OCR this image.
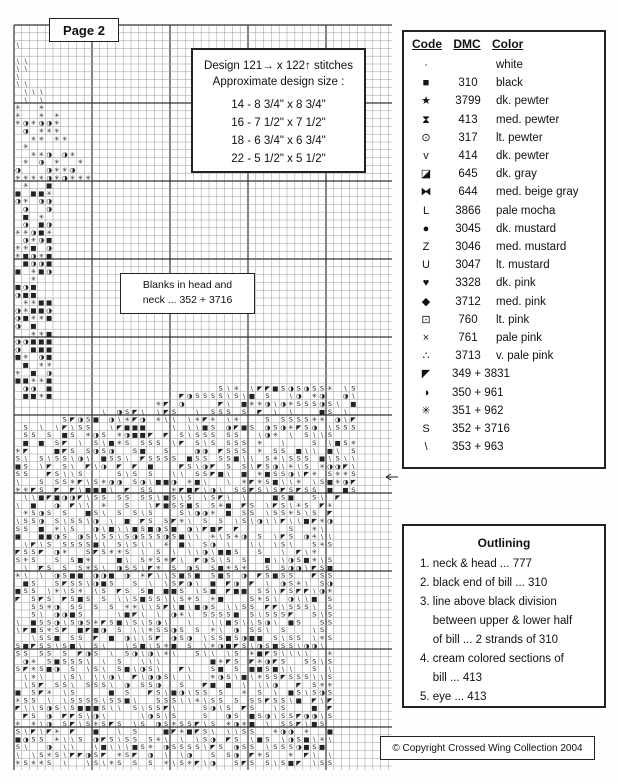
\
\ \
\ \
\
\ \
\ \ \
\ \
✳	✳
✳	✳ ✳
✳ ◑ ✳ ◑ ◑ ✳
◑ ✳ ✳ ✳
✳ ✳ ✳ ✳
✳
✳ ✳ ◑ ◑ ✳
✳ ◑ ✳	✳
◑	◑ ✳ ✳ ◑
✳ ✳ ✳ ✳ ◑ ✳ ◑ ✳ ✳ ✳
✳	■
■ ■ ■ ✳
◑ ✳ ◑ ◑
◑	◑
■ ✳
◑ ■ ◑
✳ ✳ ◑ ■ ✳
◑ ✳ ◑ ■
✳ ✳ ■ ◑
✳ ■ ◑ ✳ ■
■ ◑ ◑ ■
■ ✳ ■ ◑
✳
■ ◑ ■
◑ ■ ■
✳ ✳ ■ ■
◑ ✳ ■ ■ ◑
◑ ■ ✳ ✳ ■
◑ ■
✳ ✳ ■
◑ ◑ ■ ■ ■
◑ ■ ■ ■
■ ✳ ◑ ■
■ ✳ ✳
✳ ■ ◑
■ ■ ✳ ✳ ■
◑ ◑ ■	S \ ✳ \ ◤ ◤ ■ S ◑ S ◑ S S ✳ \ S
■ ■ ✳ ■	◤ ◑ S S S S \ S \ ■ S	\ ◑ ✳ ◑	◑ \
✳ ◤ ◑	◤ \ ■ ✳ ✳ ◑ \ ◑ ✳ S S S ◑ S \ ■
\ ◑ S ◤ \ \ ◤ S	\ S S S S ◤ \ \	■ S \
S ◤ ◑ S ■ ◑ \ ✳ ◤ ◑ ✳ \ \ \ ✳ ◤ ✳ \ ✳	S S S S S ✳ ✳ ◑ \ ◤
S \ \ ◤ \ S S	\ ◤ ■ ■ ■	\ \ \ ■ S ◑ ◤ ■ S ◑ S ◑ ✳ ◤ S ◑ \ S S S
S S S ■ S ✳ ◑ S ✳ ◑ ■ ■ ◤ ◤ S \ S S S S S	\ ◑ ✳ \ S \ \ S
■ ■ S ◤ \ S \ ■ ✳ S S S S \ ◤ S \ S S S S ✳	\	S \ ■ S ✳
✳ ◤	■ ◤ S S ◑ S ◑	S ■	S	◑ ◑ ◤ S S S ✳ S S ■ \ \ ■ \ S
S \ S \ S S \ ◑ \ ■ S S \ ◤ S S S S ■ S S S S ■ \ \ S ✳ \ S S S ■ \ S \ \
■ S \ ◤ S \ ◤ \ ◑ ◤ ◤ ■	◤ S \ ◑ ◤ S S \ ◤ S ◑ \ ✳ \ S ✳ ◑ ◑ ◤ \
S S	◤ S \ \ S	S \ S S	\ \ S S ◤ ■ \ ■ ✳ ■ S S ◑ \ ◤ ✳ S ✳ ✳ S
\	S S S ✳ ◤ \ S ✳ ◑ ◑ S ◑ \ ■ ■ ◑ ✳ ■ \	\ ✳ ◤ ✳ S ■ \ \ ✳ \ S ■ ✳ ◑ ◤
✳ ✳ ◤ S ◤ ◤ \ ■ ■ ■ \ ◤ S S	✳ ◤ ■ ◤ \ ◑ \ S S ◤ S \ S ◤ S ◤ S S ■ ■ S
\ \ ■ ◤ ■ ◑ ◑ ◤ \ S S S S S S \ ■ S \ S \ S ◤ \ \	■ S ■	S \ ◤
\ ■	◑ ◤ \ \ ✳	S	\ ◤ ■ S S ■ S S ✳ ■ ◤ S \ ◤ S \ ✳ S ◤ ✳
✳ S ◑ S S	■ S \ S S \ S	S \ ◑ ◑ ✳ ■ S S \ S S ✳ S \ S ◤
\ S S ◑ S \ S S \ ◑ \ ■ ◤ S S ◤ ✳ \ S S \ S \ ◑ \ \ ◤ \ \ ■ ◤ ✳ ◑
S S ■ ✳ \ S	◑ \ ■ \ \ ■ S ■ ◑ S ■ ◑ \ ◤ ■ ◤ ◤	S	✳ \
■	■ ■ ◑ S ◑ S \ S S \ S ◑ S S S ◑ S ■ \ \ ✳ \ S ✳ ◑ S \ ◤ S ◑ ✳ \ \
\ ◤ \ S S S S S ■ \ S \ S \ \ ✳ ■ \ S ◑ \	\ \ \ S \	S ✳ S
◤ S S ◤ ◑ ✳	S ◤ S ✳ ✳ S \ S \ \ \ ◑ \ ■ ■ S	S	\ ◤ \ ✳
S ✳ S	S S ■ ✳	■ \ S ✳ S ✳ ◤ \ ◤ ◑ S \ S S	■ \ \ ◑ S ■ ✳ \ S
\ ◤ S S S ✳ S \ ◑ S S \ ◤ ✳ S ◑ S S ■ ✳ S ✳	S S ◑ ◑ \ ◤ S ■
✳ \ \ ◑ S ■ ■ ◑ ◑ ■ ◑ ✳ ◤ \ \ S ■ S ■ S ■ S ◑ ◤ S ■ S S	◤ S S
■ S	S ◤ S S \ ◑ ■ S	S \ \ S ◤ ◑ \ ■ ◤ ◑ ◤ \ ◑ S ✳ \ S ◑
■ S S \ ✳ \ S ✳ \ S ◤ S S ■ ■ ■ S \ S ■ ◤ ■ ■ S S \ ◤ S ◤ ◤ \ ◑ ✳
◤ S ◤ S ◤ S ■ S S \ \ S ■ S S \ \ S ✳ S ✳ ■	S ✳ S \ ◑ \ \ ■ S
S S ✳ ◑ S S S S ✳ ✳ \ \ S ◤ \ ■ \ ■ ◑ S \ \ S S ◤ ◤ \ S S S \ S
S \ ◑ ◑ ■ S	\ ■ ◤ \ \ ◑ ✳ \ S S S S ■ S \ S S S ◤	S \ S
\ ■ S S ◑ \ S ◑ S ✳ ◤ S ■ \ S \ S ◑ \	\	\ \ ■ S \ \ S ◑ \ ■ S	S S
\ ◤ ■ S ✳ S ◤ ■ ◤ ■ ◑ S \ \ ✳ S S ◑ S S ✳ \ ◑ S S \ S	\ S
\ S S ■ S S ◤ ■ ◑ \ \ S ◤ ◑ S ◑ \ S S ■ S ◑ ■ ■ S \ S S \ ✳ S
S ■ ◤ S S \ S ■ \ S \	\ S ■ \ S ✳ ■ S \ ✳ ◑ ■ ◤ S \ ◑ S ■ S S \ ◑ ◑ \
S S S S S ◤ ◑ S \ S ◑ \ ◑ \ ✳ \	S \ \ \ S ✳ ■ ◤ S \ \ \ \	✳
◑ ✳ S ■ S S S \ \ S	\ \ \	■ ✳ ◤ S ◤ ✳ ◑ ◤ S	S S \ S
S ◤ ✳ S ■ ◑ S \ S \ S ■ \ ◑ S \	◤ \	S ■ S ■ ■ S ■ \ \	S \
\ ✳ \	\ S \ \ \ ◑ \ ◤ \ ◑ ◑ S \ \	✳ ◑ S \ ■ \ ✳ S S ◤ S S S \ \ S
\ S ◤ S S \ S S S \ ◑ S S ◑	S	◤ ■ ■ \ \ \ ◑	◤ S ✳ ✳
■ S ◤ ✳ \ S	■ S	◤ S \ ■ ◑ \ S S S	✳ S \ ■ S \ S ◑ S
✳ S S \ \ S S S S \ S S ■ \	S S S \ \ ✳ \ S S S S S ◤ S S \ ■ ◤ \ ◤
◤ \ \ S ◑ S \ S ■ ■ ■ S \ \ S \ S S ◤ \	S ◑ \ S ◤ S	\ S	■ ◤
◤ S ◑ ◤ ◤ S \ ◑ \	\ ◑ S \ S	S	◑ S ■ S ◑ \ S S ◤ ◑ ◑ \ S
✳ ✳ \ ◑ S ◤ \ S ✳ S ◤ S \ S ◑ S ✳ S S ◤ \ S ✳ ◑ ✳ ■ \ S S ◤ \ ■ S
S \ ◤ \ ◤ ✳ ◤	■	\ S	■ ◤ ✳ ■ ◤ S \ \ \ S S	✳ ◑ ◑ ✳	■
■ ◑ S S ✳ \ \ S ◑ ◤ S \ S S S ✳ \ \ \ S ◑ ◤ S \ ■ S \ ◑ S ■ \ ✳ \
S \	◑ \ \	\ ■ \ \ \ ■ S ✳ ◑ S S S S \ ◤ S ◑ S S \ S S S ◑ ■ S ■
\ \ S ✳ S \ ◤ ◤ ◑ S ◤ ✳ S ◤ ◑ \ \ ◑	S S ◑ ◤ ✳ S	✳ ◤ \ \
✳ S ✳ ✳ S \	\ S \ ✳ S S S ✳ \ S ✳ ◤ \ ◑	S ◤ S S \ S ■ ◤ \ S S
Page 2
Design 121→ x 122↑ stitches
Approximate design size :
14 - 8 3/4" x 8 3/4"
16 - 7 1/2" x 7 1/2"
18 - 6 3/4" x 6 3/4"
22 - 5 1/2" x 5 1/2"
Blanks in head and
neck ... 352 + 3716
Code DMC Color
·	white
■	310	black
★	3799	dk. pewter
⧗	413	med. pewter
⊙	317	lt. pewter
v	414	dk. pewter
◪	645	dk. gray
⧓	644	med. beige gray
L	3866	pale mocha
●	3045	dk. mustard
Z	3046	med. mustard
U	3047	lt. mustard
♥	3328	dk. pink
◆	3712	med. pink
⊡	760	lt. pink
×	761	pale pink
∴	3713	v. pale pink
◤	349 + 3831
◑	350 + 961
✳ 351 + 962
S	352 + 3716
\	353 + 963
Outlining
1. neck & head ... 777
2. black end of bill ... 310
3. line above black division
between upper & lower half
of bill ... 2 strands of 310
4. cream colored sections of
bill ... 413
5. eye ... 413
© Copyright Crossed Wing Collection 2004
